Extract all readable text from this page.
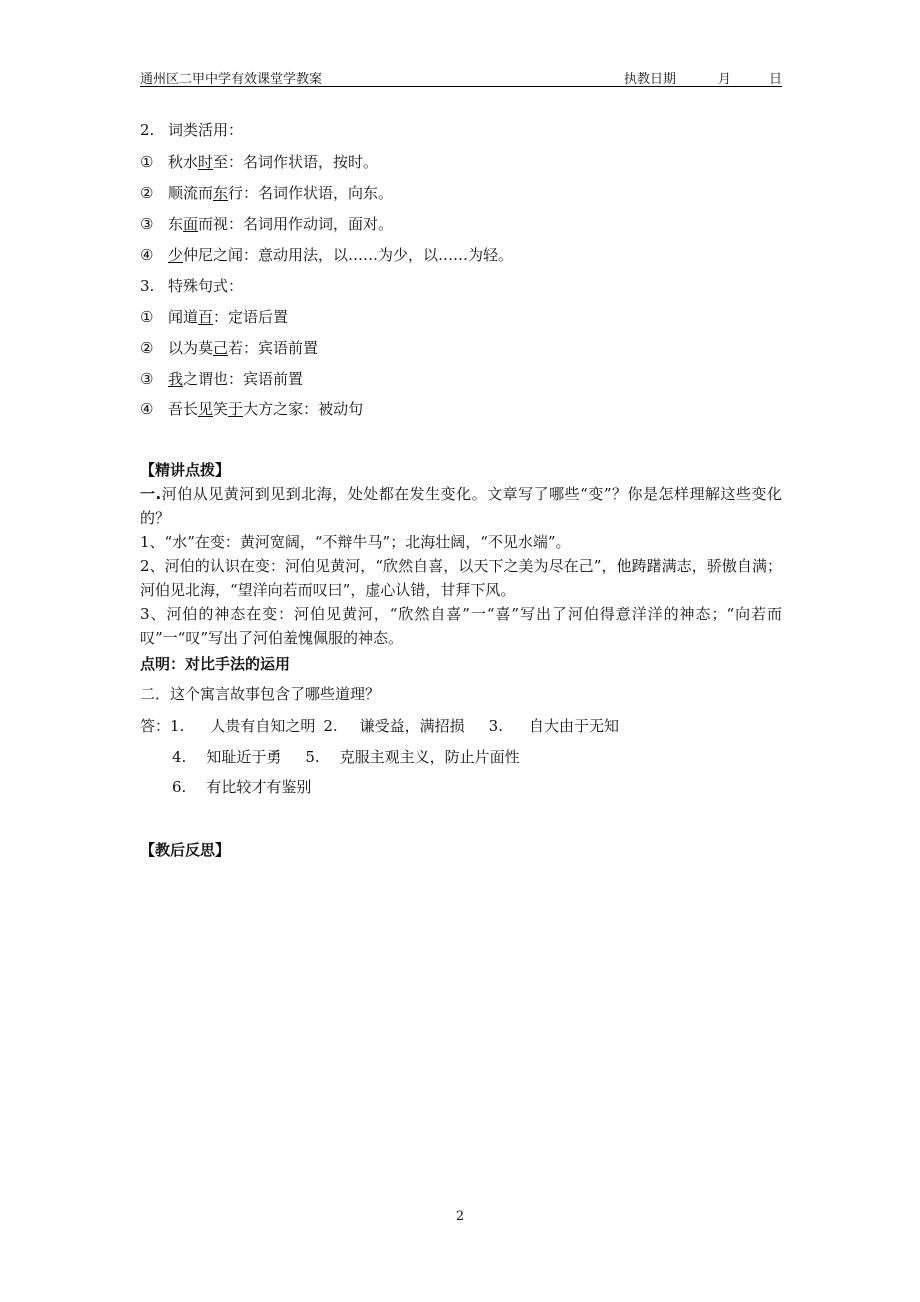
通州区二甲中学有效课堂学教案	执教日期	月	日
2. 词类活用：
① 秋水时至：名词作状语，按时。
② 顺流而东行：名词作状语，向东。
③ 东面而视：名词用作动词，面对。
④ 少仲尼之闻：意动用法，以……为少，以……为轻。
3. 特殊句式：
① 闻道百：定语后置
② 以为莫己若：宾语前置
③ 我之谓也：宾语前置
④ 吾长见笑于大方之家：被动句
【精讲点拨】
一.河伯从见黄河到见到北海，处处都在发生变化。文章写了哪些“变”？你是怎样理解这些变化的？
1、“水”在变：黄河宽阔，“不辩牛马”；北海壮阔，“不见水端”。
2、河伯的认识在变：河伯见黄河，“欣然自喜，以天下之美为尽在己”，他踌躇满志，骄傲自满；河伯见北海，“望洋向若而叹曰”，虚心认错，甘拜下风。
3、河伯的神态在变：河伯见黄河，“欣然自喜”一“喜”写出了河伯得意洋洋的神态；“向若而叹”一“叹”写出了河伯羞愧佩服的神态。
点明：对比手法的运用
二．这个寓言故事包含了哪些道理？
答：1. 人贵有自知之明 2. 谦受益，满招损 3. 自大由于无知
4. 知耻近于勇 5. 克服主观主义，防止片面性
6. 有比较才有鉴别
【教后反思】
2
